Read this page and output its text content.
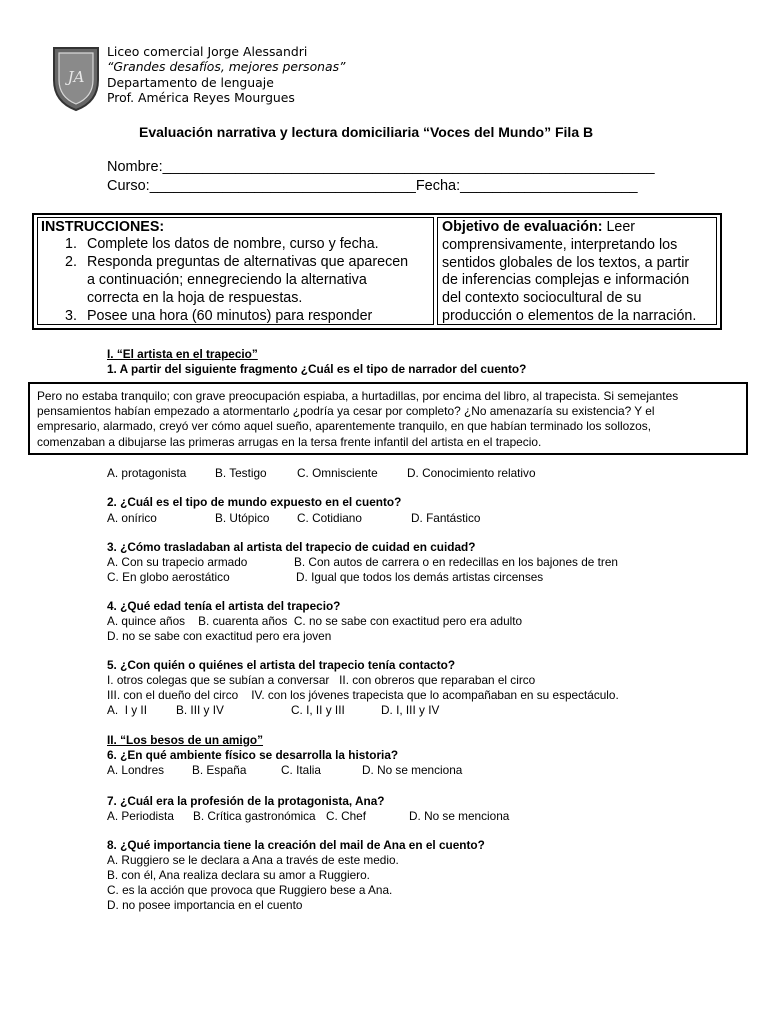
JA
Liceo comercial Jorge Alessandri
“Grandes desafíos, mejores personas”
Departamento de lenguaje
Prof. América Reyes Mourgues
Evaluación narrativa y lectura domiciliaria “Voces del Mundo” Fila B
Nombre:_____________________________________________________________
Curso:_________________________________Fecha:______________________
INSTRUCCIONES:
1. Complete los datos de nombre, curso y fecha.
2. Responda preguntas de alternativas que aparecen
a continuación; ennegreciendo la alternativa
correcta en la hoja de respuestas.
3. Posee una hora (60 minutos) para responder
Objetivo de evaluación: Leer
comprensivamente, interpretando los
sentidos globales de los textos, a partir
de inferencias complejas e información
del contexto sociocultural de su
producción o elementos de la narración.
I. “El artista en el trapecio”
1. A partir del siguiente fragmento ¿Cuál es el tipo de narrador del cuento?
Pero no estaba tranquilo; con grave preocupación espiaba, a hurtadillas, por encima del libro, al trapecista. Si semejantes
pensamientos habían empezado a atormentarlo ¿podría ya cesar por completo? ¿No amenazaría su existencia? Y el
empresario, alarmado, creyó ver cómo aquel sueño, aparentemente tranquilo, en que habían terminado los sollozos,
comenzaban a dibujarse las primeras arrugas en la tersa frente infantil del artista en el trapecio.
A. protagonista B. Testigo	C. Omnisciente D. Conocimiento relativo
2. ¿Cuál es el tipo de mundo expuesto en el cuento?
A. onírico	B. Utópico C. Cotidiano	D. Fantástico
3. ¿Cómo trasladaban al artista del trapecio de cuidad en cuidad?
A. Con su trapecio armado	B. Con autos de carrera o en redecillas en los bajones de tren
C. En globo aerostático	D. Igual que todos los demás artistas circenses
4. ¿Qué edad tenía el artista del trapecio?
A. quince años    B. cuarenta años  C. no se sabe con exactitud pero era adulto
D. no se sabe con exactitud pero era joven
5. ¿Con quién o quiénes el artista del trapecio tenía contacto?
I. otros colegas que se subían a conversar   II. con obreros que reparaban el circo
III. con el dueño del circo    IV. con los jóvenes trapecista que lo acompañaban en su espectáculo.
A.  I y II B. III y IV	C. I, II y III	D. I, III y IV
II. “Los besos de un amigo”
6. ¿En qué ambiente físico se desarrolla la historia?
A. Londres B. España	C. Italia	D. No se menciona
7. ¿Cuál era la profesión de la protagonista, Ana?
A. Periodista B. Crítica gastronómica C. Chef	D. No se menciona
8. ¿Qué importancia tiene la creación del mail de Ana en el cuento?
A. Ruggiero se le declara a Ana a través de este medio.
B. con él, Ana realiza declara su amor a Ruggiero.
C. es la acción que provoca que Ruggiero bese a Ana.
D. no posee importancia en el cuento
